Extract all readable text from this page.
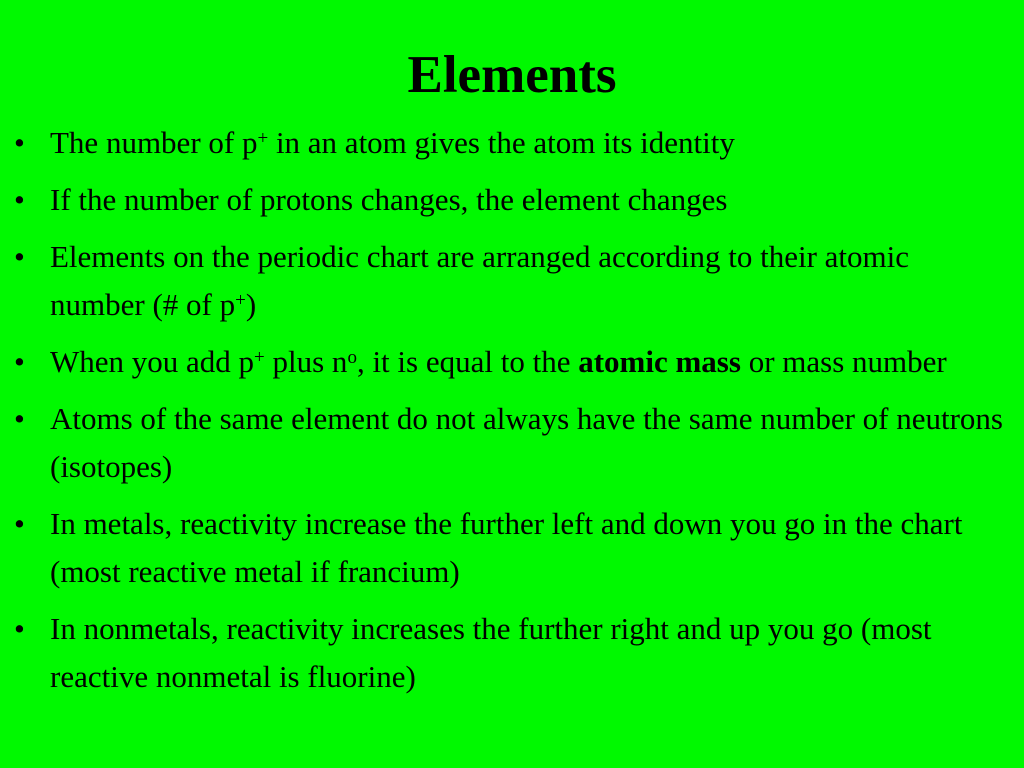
Elements
• The number of p+ in an atom gives the atom its identity
• If the number of protons changes, the element changes
• Elements on the periodic chart are arranged according to their atomic number (# of p+)
• When you add p+ plus $n^o$, it is equal to the atomic mass or mass number
• Atoms of the same element do not always have the same number of neutrons (isotopes)
• In metals, reactivity increase the further left and down you go in the chart (most reactive metal if francium)
• In nonmetals, reactivity increases the further right and up you go (most reactive nonmetal is fluorine)
